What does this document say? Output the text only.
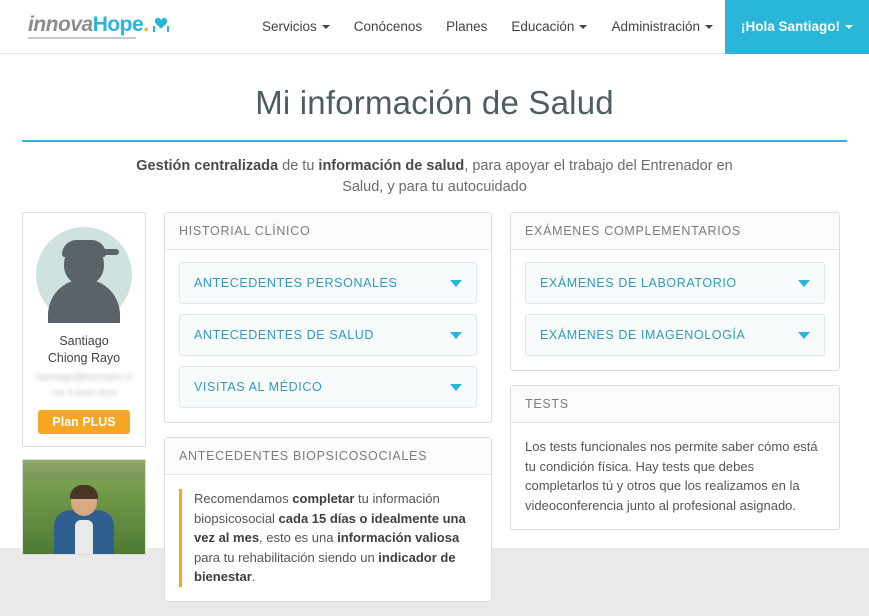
innovaHope.	Servicios	Conócenos Planes Educación	Administración	¡Hola Santiago!
Mi información de Salud
Gestión centralizada de tu información de salud, para apoyar el trabajo del Entrenador en Salud, y para tu autocuidado
Santiago
Chiong Rayo
santiago@ejemplo.cl
+56 9 0000 0000
Plan PLUS
HISTORIAL CLÍNICO
ANTECEDENTES PERSONALES
ANTECEDENTES DE SALUD
VISITAS AL MÉDICO
ANTECEDENTES BIOPSICOSOCIALES
Recomendamos completar tu información biopsicosocial cada 15 días o idealmente una vez al mes, esto es una información valiosa para tu rehabilitación siendo un indicador de bienestar.
EXÁMENES COMPLEMENTARIOS
EXÁMENES DE LABORATORIO
EXÁMENES DE IMAGENOLOGÍA
TESTS
Los tests funcionales nos permite saber cómo está tu condición física. Hay tests que debes completarlos tú y otros que los realizamos en la videoconferencia junto al profesional asignado.
